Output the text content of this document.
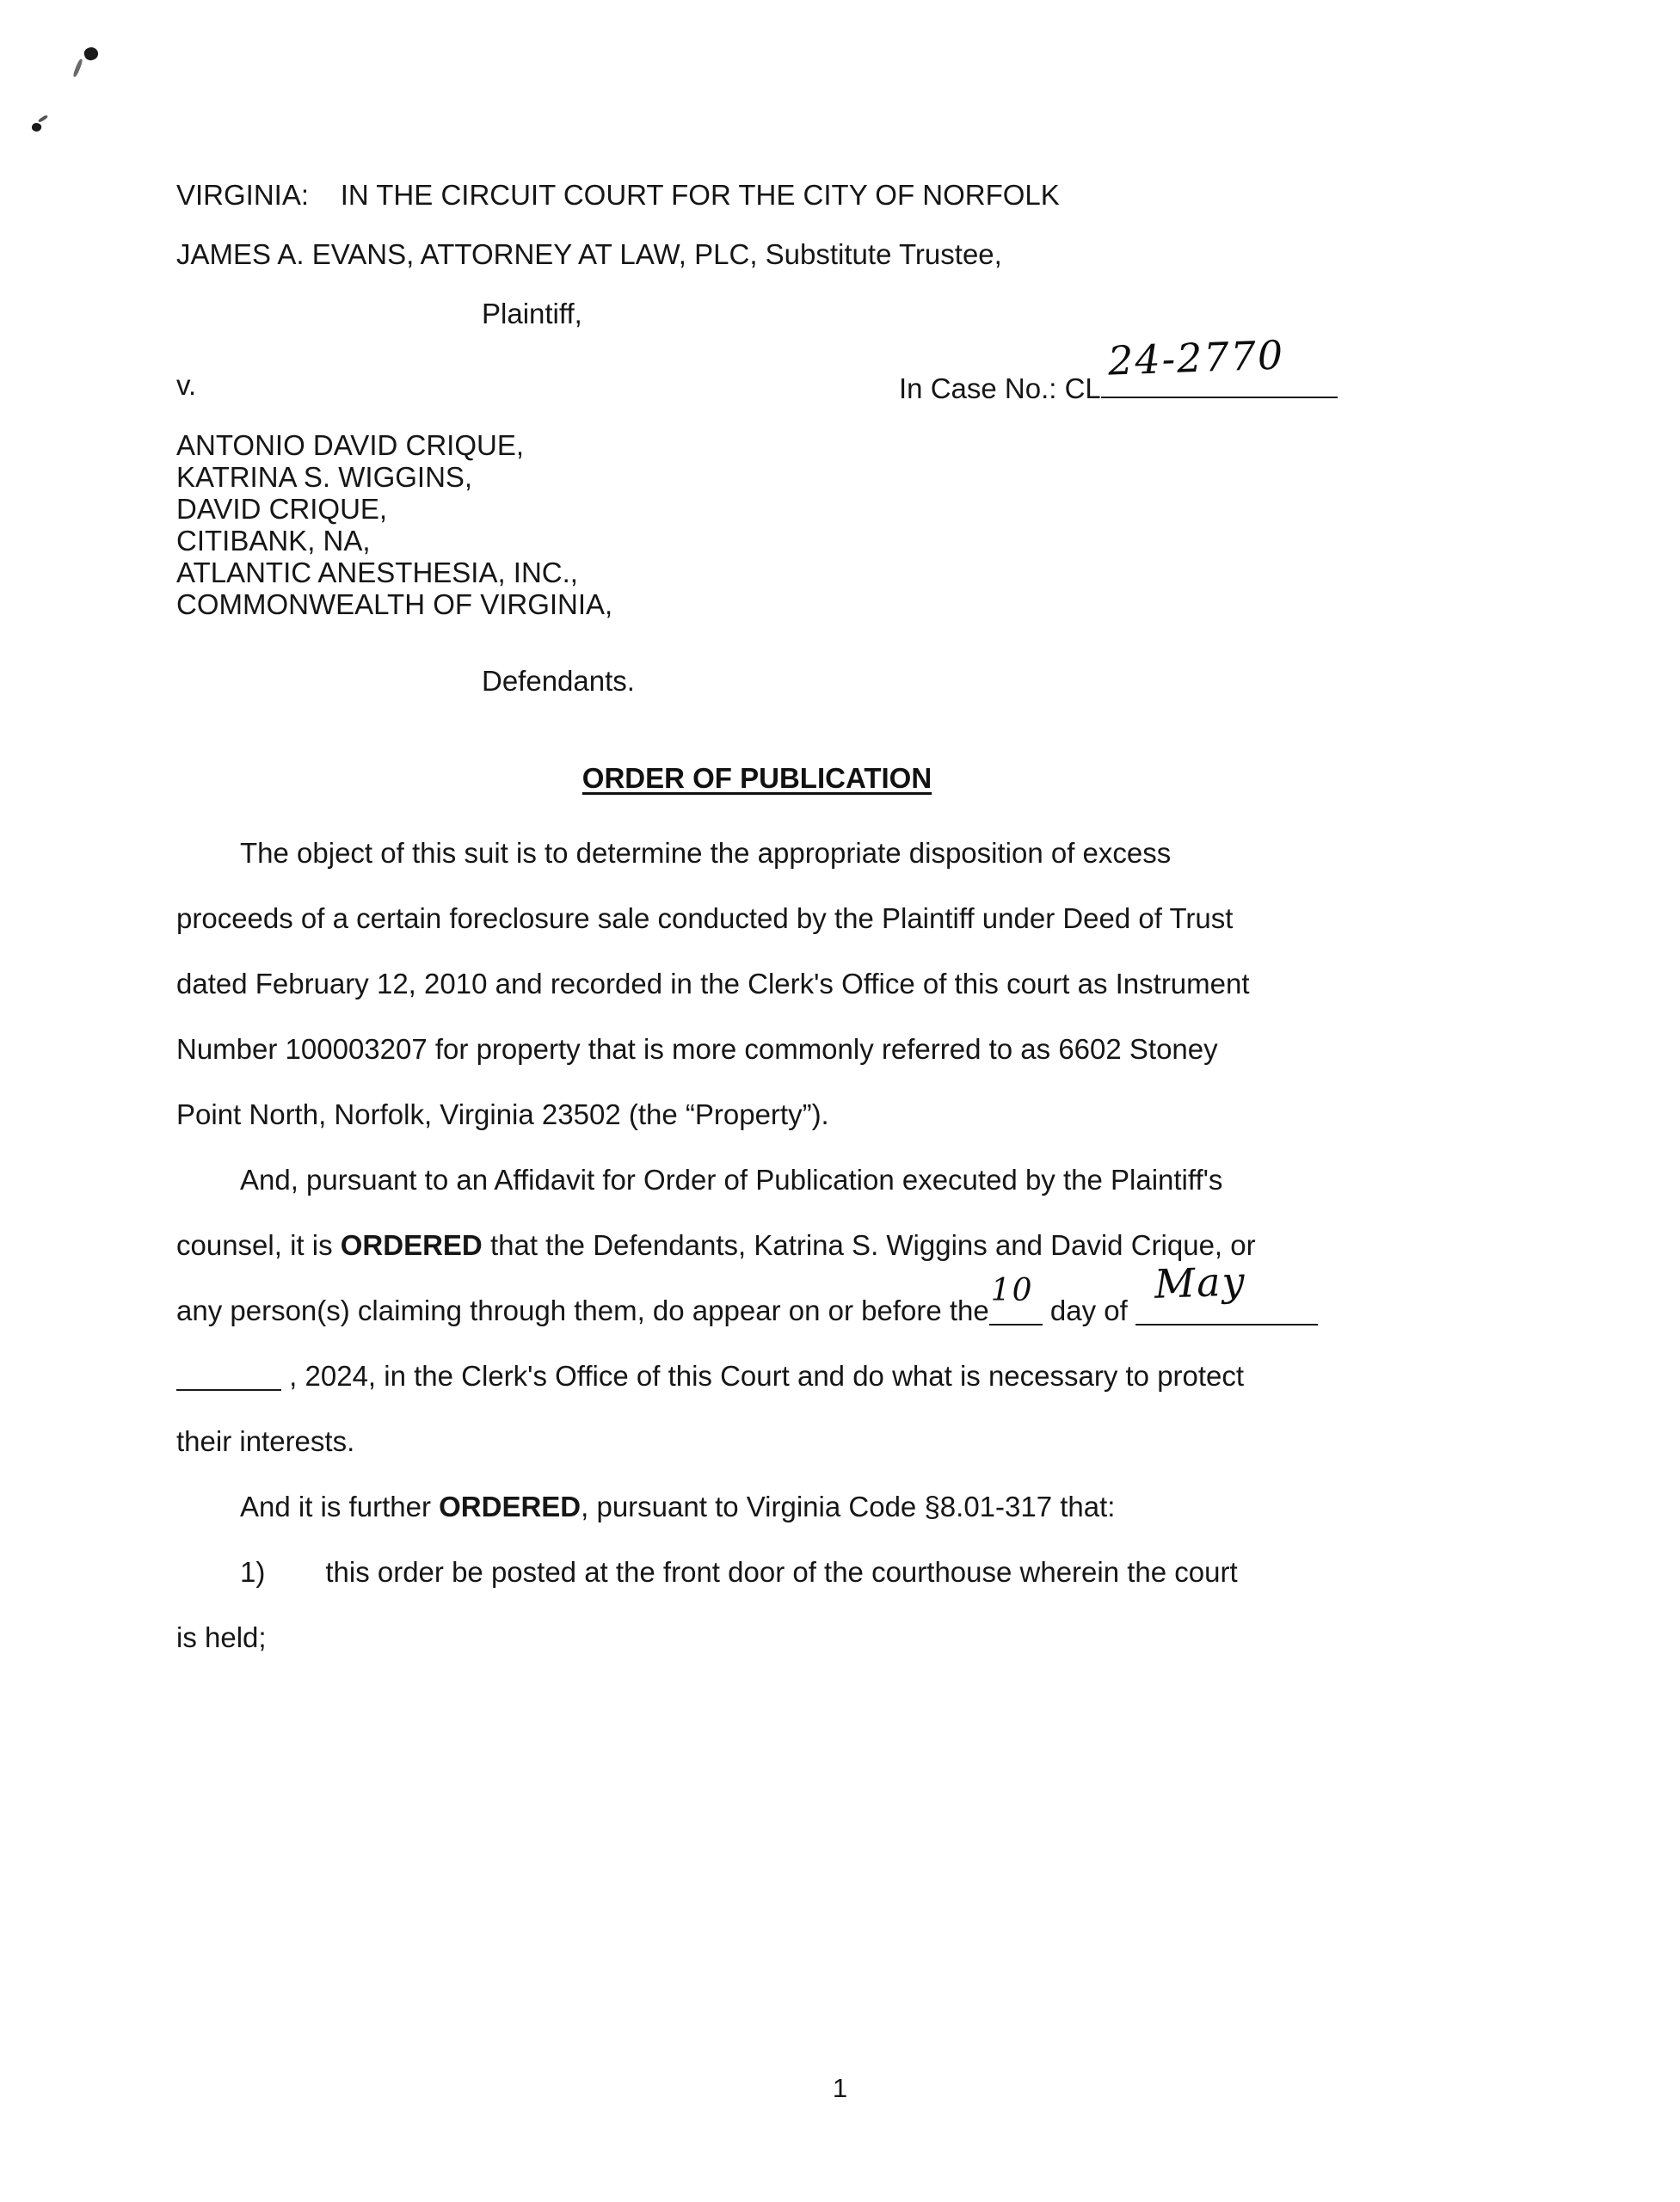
VIRGINIA:    IN THE CIRCUIT COURT FOR THE CITY OF NORFOLK
JAMES A. EVANS, ATTORNEY AT LAW, PLC, Substitute Trustee,
Plaintiff,
v.	In Case No.: CL
24-2770
ANTONIO DAVID CRIQUE,
KATRINA S. WIGGINS,
DAVID CRIQUE,
CITIBANK, NA,
ATLANTIC ANESTHESIA, INC.,
COMMONWEALTH OF VIRGINIA,
Defendants.
ORDER OF PUBLICATION
The object of this suit is to determine the appropriate disposition of excess
proceeds of a certain foreclosure sale conducted by the Plaintiff under Deed of Trust
dated February 12, 2010 and recorded in the Clerk's Office of this court as Instrument
Number 100003207 for property that is more commonly referred to as 6602 Stoney
Point North, Norfolk, Virginia 23502 (the “Property”).
And, pursuant to an Affidavit for Order of Publication executed by the Plaintiff's
counsel, it is ORDERED that the Defendants, Katrina S. Wiggins and David Crique, or
any person(s) claiming through them, do appear on or before the
10
day of
May
, 2024, in the Clerk's Office of this Court and do what is necessary to protect
their interests.
And it is further ORDERED, pursuant to Virginia Code §8.01-317 that:
1) this order be posted at the front door of the courthouse wherein the court
is held;
1
